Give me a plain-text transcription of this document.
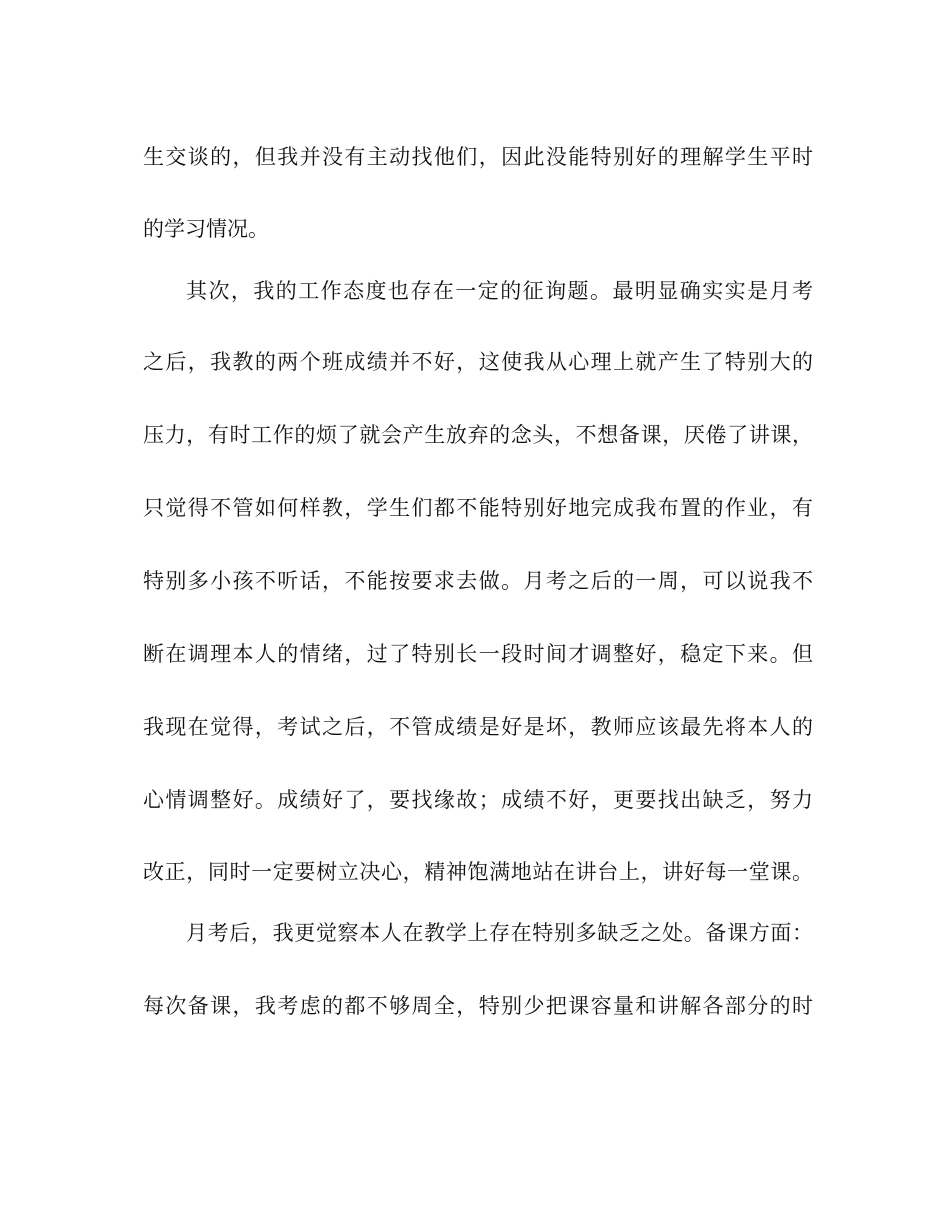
生交谈的，但我并没有主动找他们，因此没能特别好的理解学生平时
的学习情况。
其次，我的工作态度也存在一定的征询题。最明显确实实是月考
之后，我教的两个班成绩并不好，这使我从心理上就产生了特别大的
压力，有时工作的烦了就会产生放弃的念头，不想备课，厌倦了讲课，
只觉得不管如何样教，学生们都不能特别好地完成我布置的作业，有
特别多小孩不听话，不能按要求去做。月考之后的一周，可以说我不
断在调理本人的情绪，过了特别长一段时间才调整好，稳定下来。但
我现在觉得，考试之后，不管成绩是好是坏，教师应该最先将本人的
心情调整好。成绩好了，要找缘故；成绩不好，更要找出缺乏，努力
改正，同时一定要树立决心，精神饱满地站在讲台上，讲好每一堂课。
月考后，我更觉察本人在教学上存在特别多缺乏之处。备课方面：
每次备课，我考虑的都不够周全，特别少把课容量和讲解各部分的时
